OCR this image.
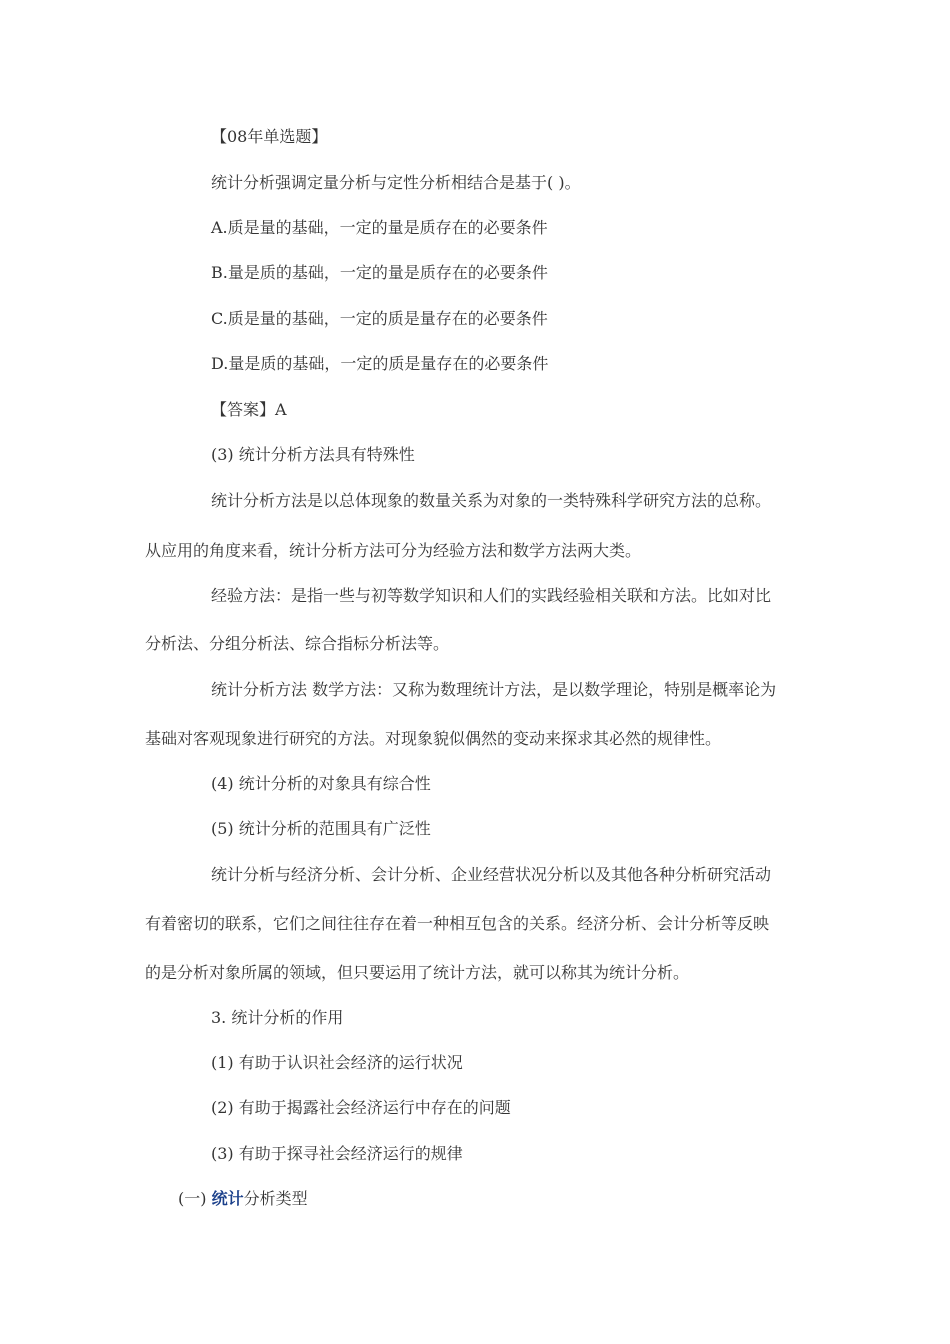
【08年单选题】
统计分析强调定量分析与定性分析相结合是基于( )。
A.质是量的基础，一定的量是质存在的必要条件
B.量是质的基础，一定的量是质存在的必要条件
C.质是量的基础，一定的质是量存在的必要条件
D.量是质的基础，一定的质是量存在的必要条件
【答案】A
(3) 统计分析方法具有特殊性
统计分析方法是以总体现象的数量关系为对象的一类特殊科学研究方法的总称。
从应用的角度来看，统计分析方法可分为经验方法和数学方法两大类。
经验方法：是指一些与初等数学知识和人们的实践经验相关联和方法。比如对比
分析法、分组分析法、综合指标分析法等。
统计分析方法 数学方法：又称为数理统计方法，是以数学理论，特别是概率论为
基础对客观现象进行研究的方法。对现象貌似偶然的变动来探求其必然的规律性。
(4) 统计分析的对象具有综合性
(5) 统计分析的范围具有广泛性
统计分析与经济分析、会计分析、企业经营状况分析以及其他各种分析研究活动
有着密切的联系，它们之间往往存在着一种相互包含的关系。经济分析、会计分析等反映
的是分析对象所属的领域，但只要运用了统计方法，就可以称其为统计分析。
3. 统计分析的作用
(1) 有助于认识社会经济的运行状况
(2) 有助于揭露社会经济运行中存在的问题
(3) 有助于探寻社会经济运行的规律
(一) 统计分析类型
